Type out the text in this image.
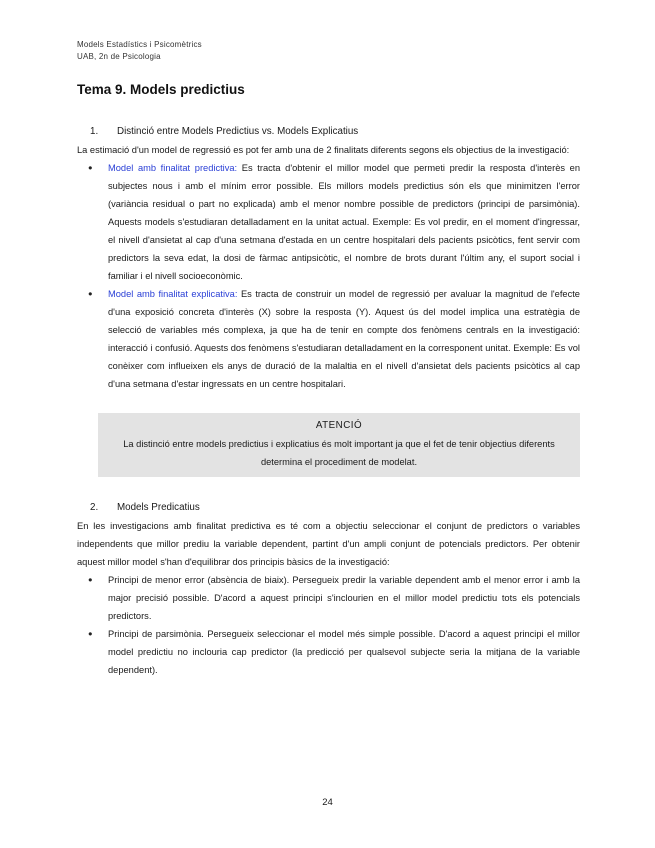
Models Estadístics i Psicomètrics
UAB, 2n de Psicologia
Tema 9. Models predictius
1.	Distinció entre Models Predictius vs. Models Explicatius

La estimació d'un model de regressió es pot fer amb una de 2 finalitats diferents segons els objectius de la investigació:

● Model amb finalitat predictiva: Es tracta d'obtenir el millor model que permeti predir la resposta d'interès en subjectes nous i amb el mínim error possible. Els millors models predictius són els que minimitzen l'error (variància residual o part no explicada) amb el menor nombre possible de predictors (principi de parsimònia). Aquests models s'estudiaran detalladament en la unitat actual. Exemple: Es vol predir, en el moment d'ingressar, el nivell d'ansietat al cap d'una setmana d'estada en un centre hospitalari dels pacients psicòtics, fent servir com predictors la seva edat, la dosi de fàrmac antipsicòtic, el nombre de brots durant l'últim any, el suport social i familiar i el nivell socioeconòmic.
● Model amb finalitat explicativa: Es tracta de construir un model de regressió per avaluar la magnitud de l'efecte d'una exposició concreta d'interès (X) sobre la resposta (Y). Aquest ús del model implica una estratègia de selecció de variables més complexa, ja que ha de tenir en compte dos fenòmens centrals en la investigació: interacció i confusió. Aquests dos fenòmens s'estudiaran detalladament en la corresponent unitat. Exemple: Es vol conèixer com influeixen els anys de duració de la malaltia en el nivell d'ansietat dels pacients psicòtics al cap d'una setmana d'estar ingressats en un centre hospitalari.
ATENCIÓ
La distinció entre models predictius i explicatius és molt important ja que el fet de tenir objectius diferents determina el procediment de modelat.
2.	Models Predicatius

En les investigacions amb finalitat predictiva es té com a objectiu seleccionar el conjunt de predictors o variables independents que millor prediu la variable dependent, partint d'un ampli conjunt de potencials predictors. Per obtenir aquest millor model s'han d'equilibrar dos principis bàsics de la investigació:

● Principi de menor error (absència de biaix). Persegueix predir la variable dependent amb el menor error i amb la major precisió possible. D'acord a aquest principi s'inclourien en el millor model predictiu tots els potencials predictors.
● Principi de parsimònia. Persegueix seleccionar el model més simple possible. D'acord a aquest principi el millor model predictiu no inclouria cap predictor (la predicció per qualsevol subjecte seria la mitjana de la variable dependent).
24
